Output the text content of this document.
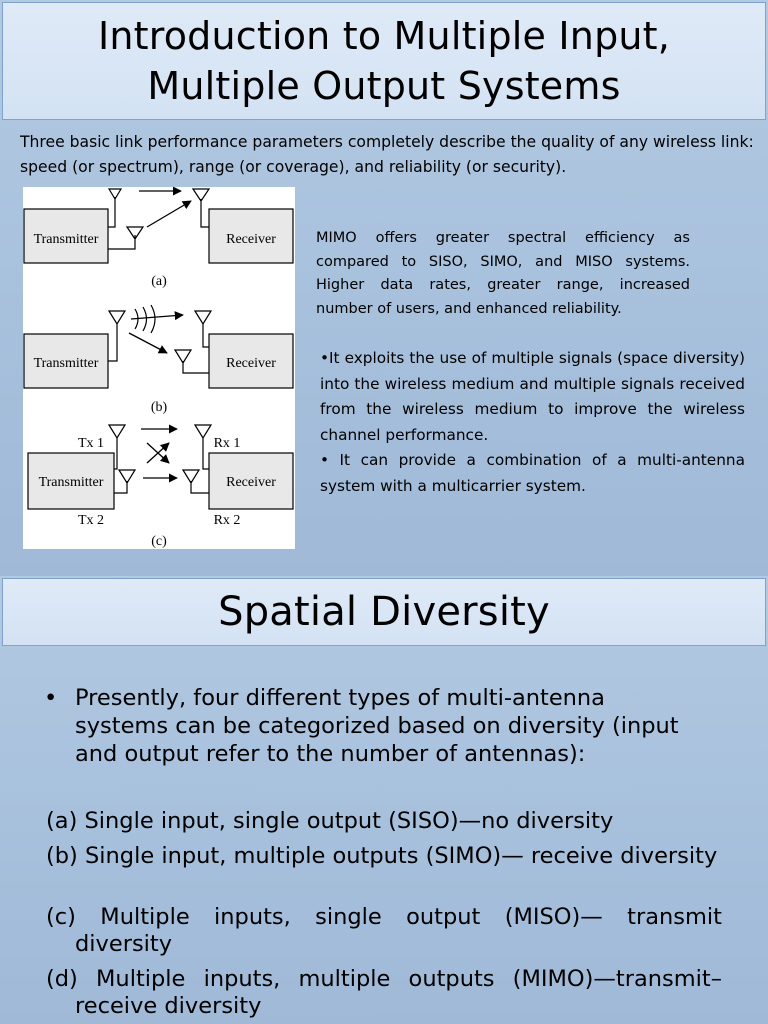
Introduction to Multiple Input,
Multiple Output Systems

Three basic link performance parameters completely describe the quality of any wireless link: speed (or spectrum), range (or coverage), and reliability (or security).

Transmitter	Receiver
(a)
Transmitter	Receiver
(b)
Tx 1	Rx 1
Transmitter	Receiver
Tx 2	Rx 2
(c)

MIMO offers greater spectral efficiency as compared to SISO, SIMO, and MISO systems. Higher data rates, greater range, increased number of users, and enhanced reliability.

•It exploits the use of multiple signals (space diversity) into the wireless medium and multiple signals received from the wireless medium to improve the wireless channel performance.
• It can provide a combination of a multi-antenna system with a multicarrier system.
Spatial Diversity
• Presently, four different types of multi-antenna systems can be categorized based on diversity (input and output refer to the number of antennas):

(a) Single input, single output (SISO)—no diversity

(b) Single input, multiple outputs (SIMO)— receive diversity

(c) Multiple inputs, single output (MISO)— transmit diversity

(d) Multiple inputs, multiple outputs (MIMO)—transmit–receive diversity
